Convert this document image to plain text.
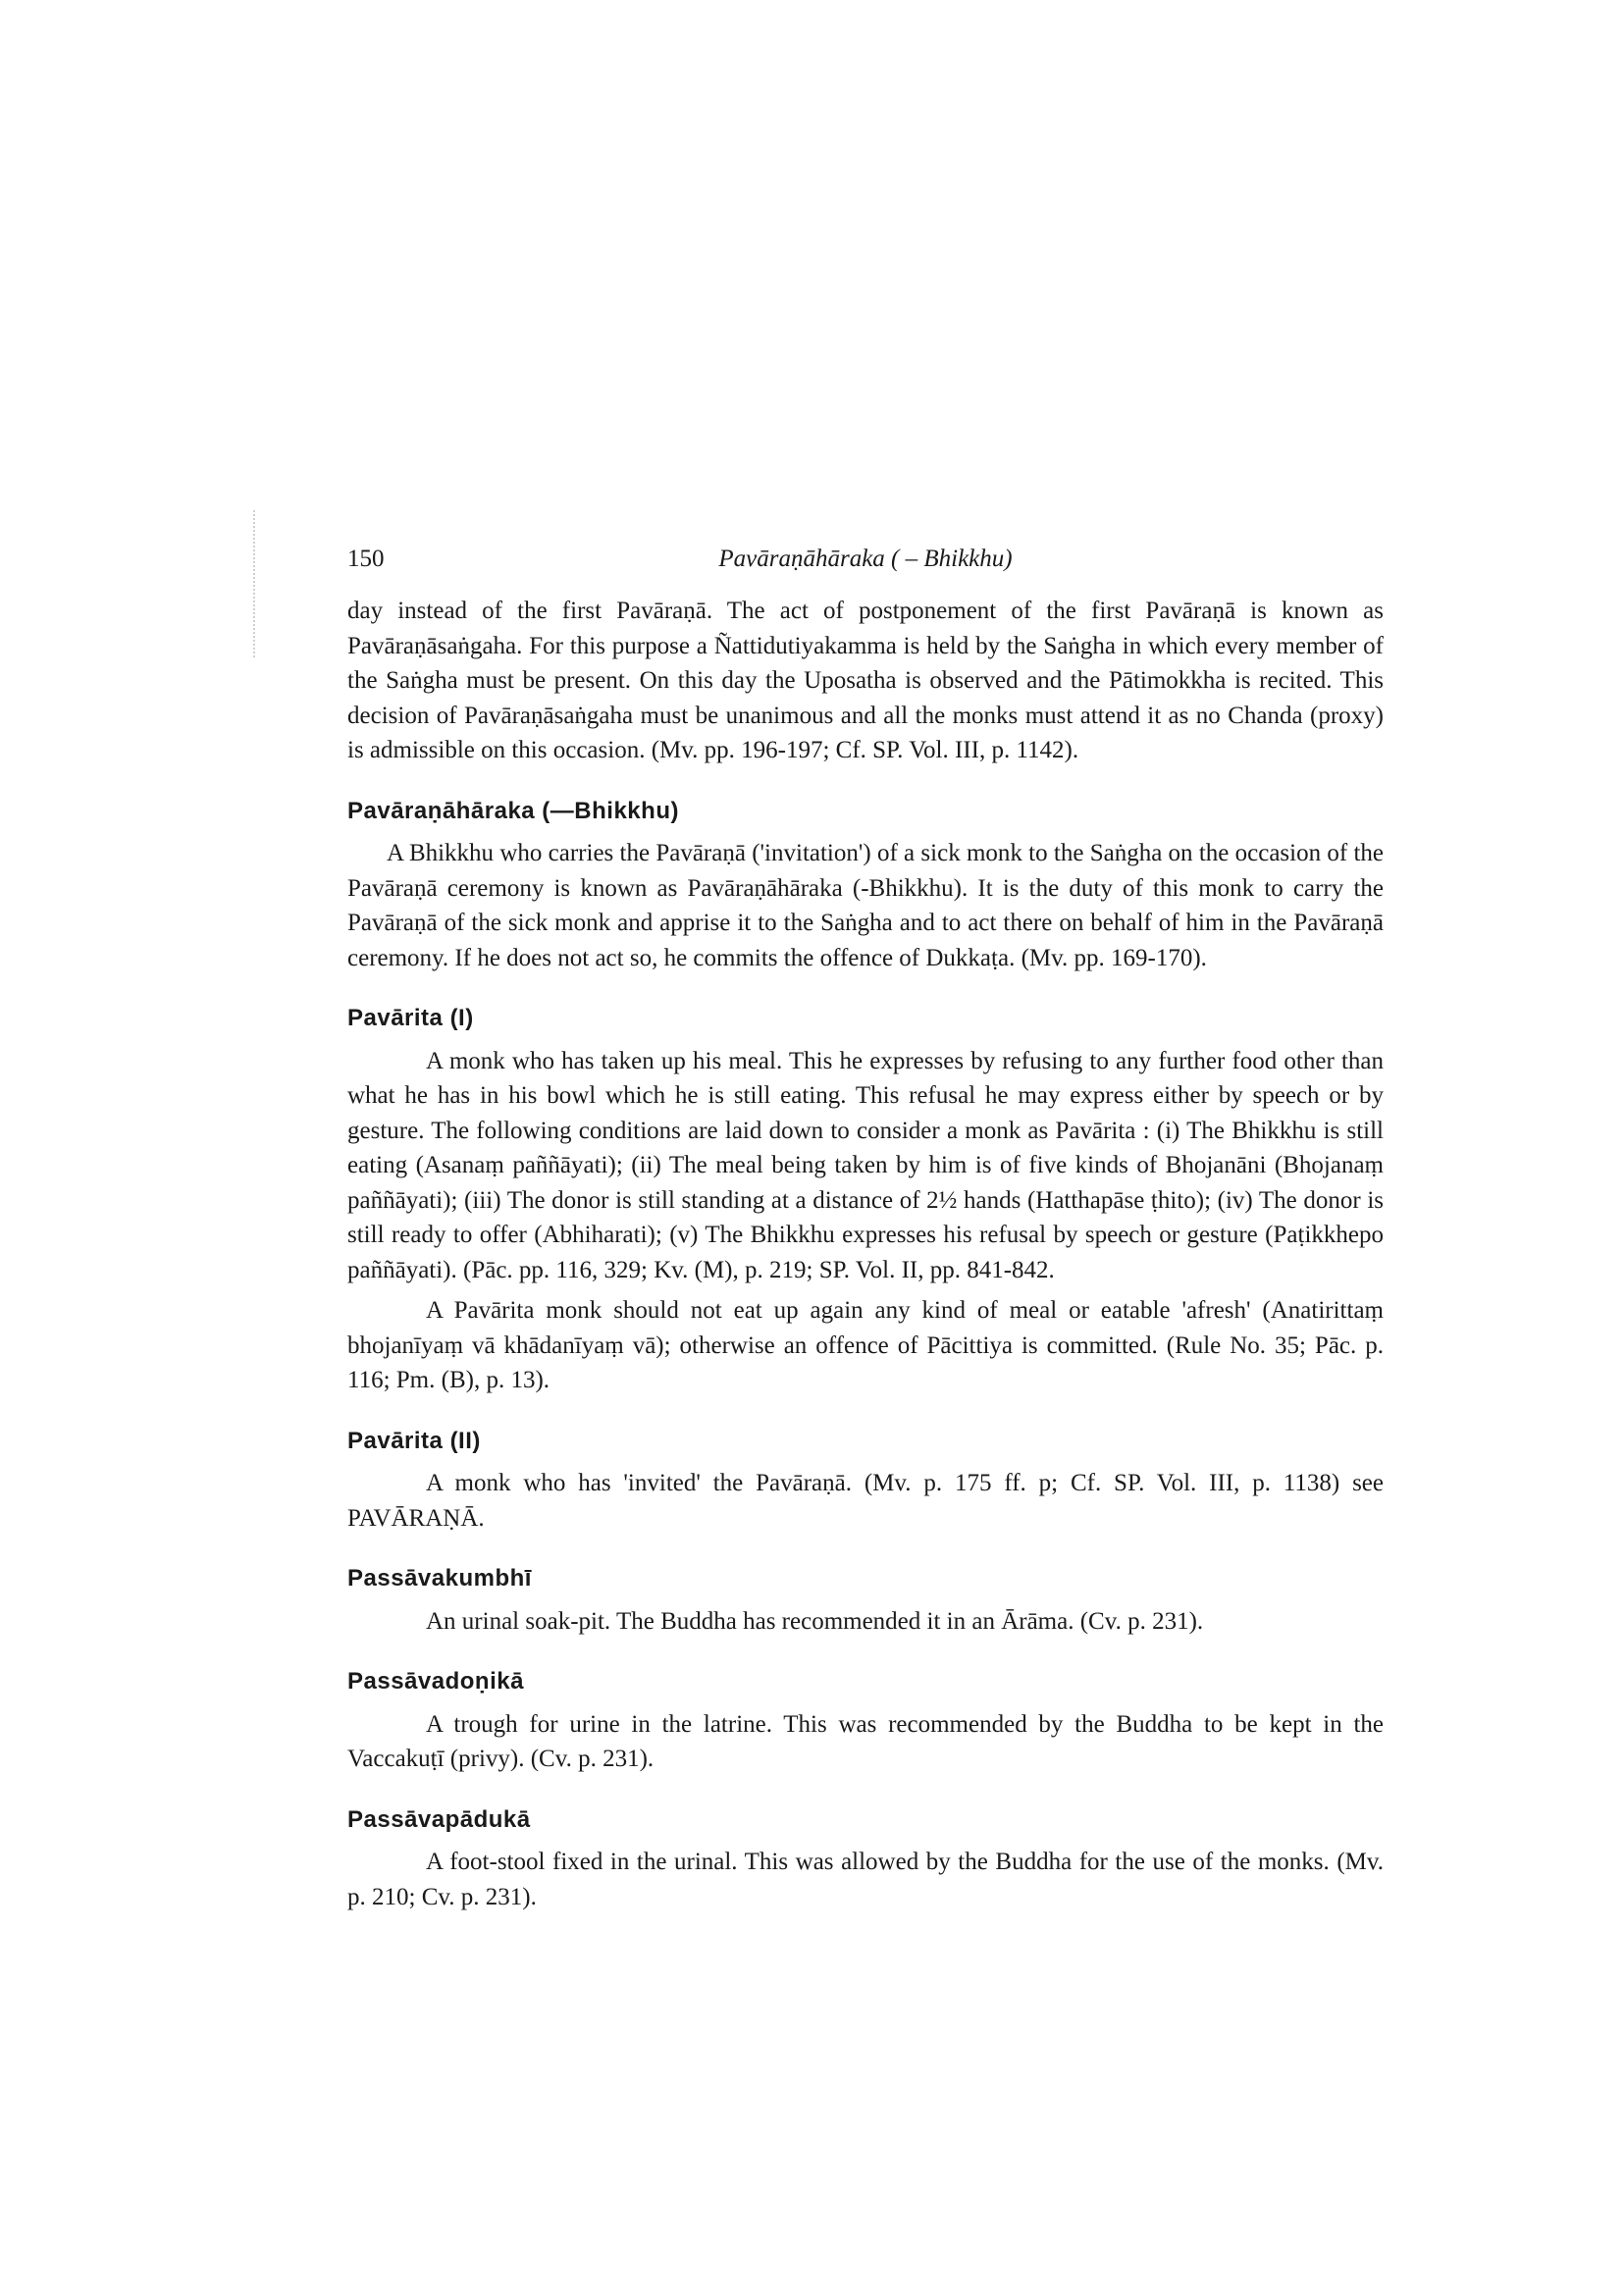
150	Pavāraṇāhāraka ( – Bhikkhu)

day instead of the first Pavāraṇā. The act of postponement of the first Pavāraṇā is known as Pavāraṇāsaṅgaha. For this purpose a Ñattidutiyakamma is held by the Saṅgha in which every member of the Saṅgha must be present. On this day the Uposatha is observed and the Pātimokkha is recited. This decision of Pavāraṇāsaṅgaha must be unanimous and all the monks must attend it as no Chanda (proxy) is admissible on this occasion. (Mv. pp. 196-197; Cf. SP. Vol. III, p. 1142).

Pavāraṇāhāraka (—Bhikkhu)

A Bhikkhu who carries the Pavāraṇā ('invitation') of a sick monk to the Saṅgha on the occasion of the Pavāraṇā ceremony is known as Pavāraṇāhāraka (-Bhikkhu). It is the duty of this monk to carry the Pavāraṇā of the sick monk and apprise it to the Saṅgha and to act there on behalf of him in the Pavāraṇā ceremony. If he does not act so, he commits the offence of Dukkaṭa. (Mv. pp. 169-170).

Pavārita (I)

A monk who has taken up his meal. This he expresses by refusing to any further food other than what he has in his bowl which he is still eating. This refusal he may express either by speech or by gesture. The following conditions are laid down to consider a monk as Pavārita : (i) The Bhikkhu is still eating (Asanaṃ paññāyati); (ii) The meal being taken by him is of five kinds of Bhojanāni (Bhojanaṃ paññāyati); (iii) The donor is still standing at a distance of 2½ hands (Hatthapāse ṭhito); (iv) The donor is still ready to offer (Abhiharati); (v) The Bhikkhu expresses his refusal by speech or gesture (Paṭikkhepo paññāyati). (Pāc. pp. 116, 329; Kv. (M), p. 219; SP. Vol. II, pp. 841-842.

A Pavārita monk should not eat up again any kind of meal or eatable 'afresh' (Anatirittaṃ bhojanīyaṃ vā khādanīyaṃ vā); otherwise an offence of Pācittiya is committed. (Rule No. 35; Pāc. p. 116; Pm. (B), p. 13).

Pavārita (II)

A monk who has 'invited' the Pavāraṇā. (Mv. p. 175 ff. p; Cf. SP. Vol. III, p. 1138) see PAVĀRAṆĀ.

Passāvakumbhī

An urinal soak-pit. The Buddha has recommended it in an Ārāma. (Cv. p. 231).

Passāvadoṇikā

A trough for urine in the latrine. This was recommended by the Buddha to be kept in the Vaccakuṭī (privy). (Cv. p. 231).

Passāvapādukā

A foot-stool fixed in the urinal. This was allowed by the Buddha for the use of the monks. (Mv. p. 210; Cv. p. 231).
